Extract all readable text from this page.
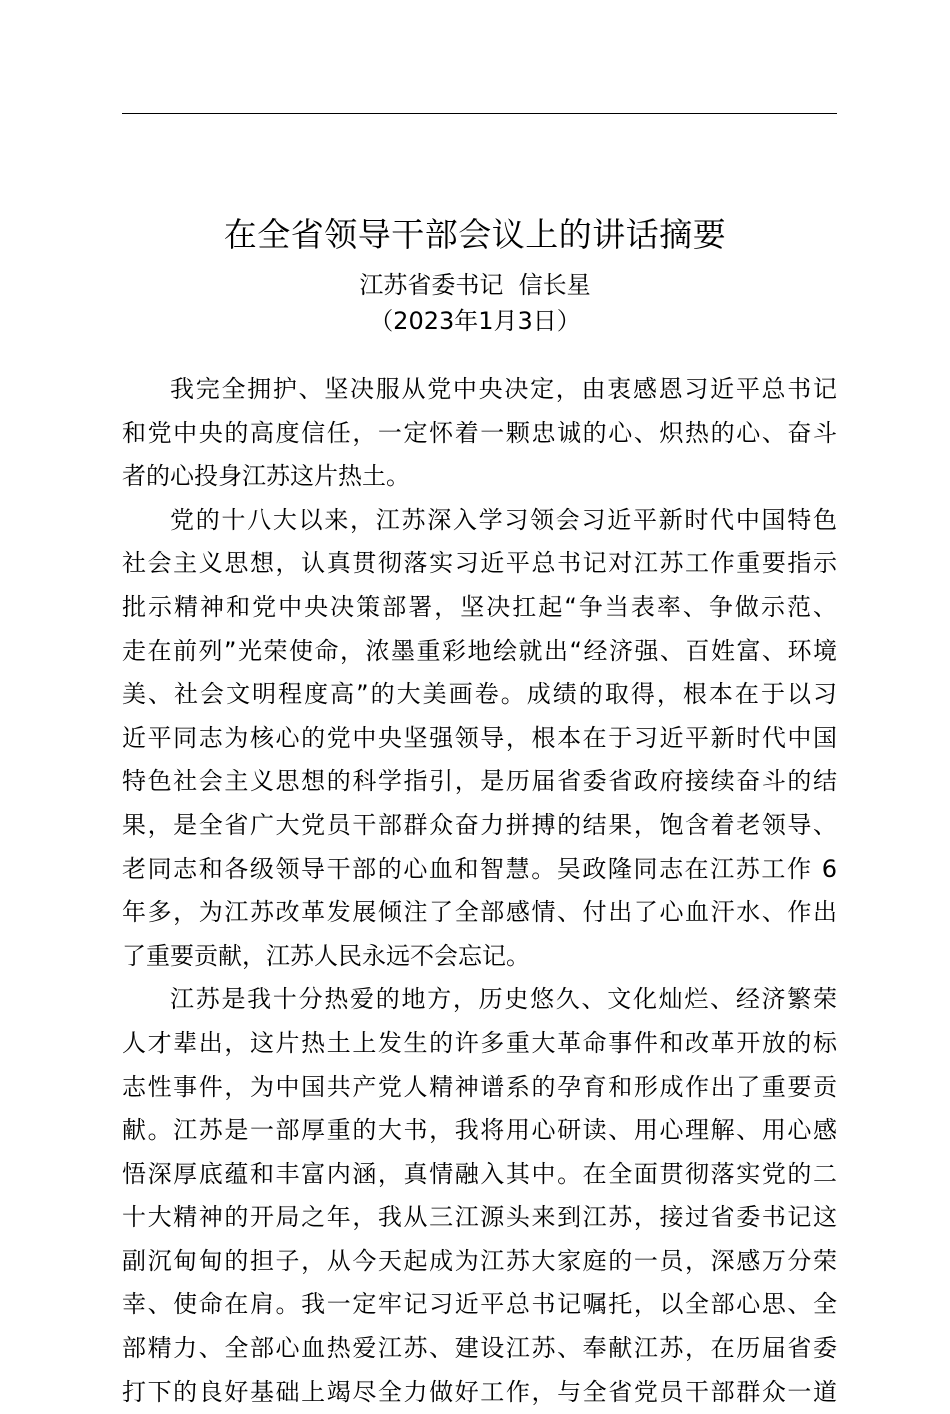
在全省领导干部会议上的讲话摘要
江苏省委书记  信长星
（2023年1月3日）
我完全拥护、坚决服从党中央决定，由衷感恩习近平总书记
和党中央的高度信任，一定怀着一颗忠诚的心、炽热的心、奋斗
者的心投身江苏这片热土。
党的十八大以来，江苏深入学习领会习近平新时代中国特色
社会主义思想，认真贯彻落实习近平总书记对江苏工作重要指示
批示精神和党中央决策部署，坚决扛起“争当表率、争做示范、
走在前列”光荣使命，浓墨重彩地绘就出“经济强、百姓富、环境
美、社会文明程度高”的大美画卷。成绩的取得，根本在于以习
近平同志为核心的党中央坚强领导，根本在于习近平新时代中国
特色社会主义思想的科学指引，是历届省委省政府接续奋斗的结
果，是全省广大党员干部群众奋力拼搏的结果，饱含着老领导、
老同志和各级领导干部的心血和智慧。吴政隆同志在江苏工作 6
年多，为江苏改革发展倾注了全部感情、付出了心血汗水、作出
了重要贡献，江苏人民永远不会忘记。
江苏是我十分热爱的地方，历史悠久、文化灿烂、经济繁荣
人才辈出，这片热土上发生的许多重大革命事件和改革开放的标
志性事件，为中国共产党人精神谱系的孕育和形成作出了重要贡
献。江苏是一部厚重的大书，我将用心研读、用心理解、用心感
悟深厚底蕴和丰富内涵，真情融入其中。在全面贯彻落实党的二
十大精神的开局之年，我从三江源头来到江苏，接过省委书记这
副沉甸甸的担子，从今天起成为江苏大家庭的一员，深感万分荣
幸、使命在肩。我一定牢记习近平总书记嘱托，以全部心思、全
部精力、全部心血热爱江苏、建设江苏、奉献江苏，在历届省委
打下的良好基础上竭尽全力做好工作，与全省党员干部群众一道
